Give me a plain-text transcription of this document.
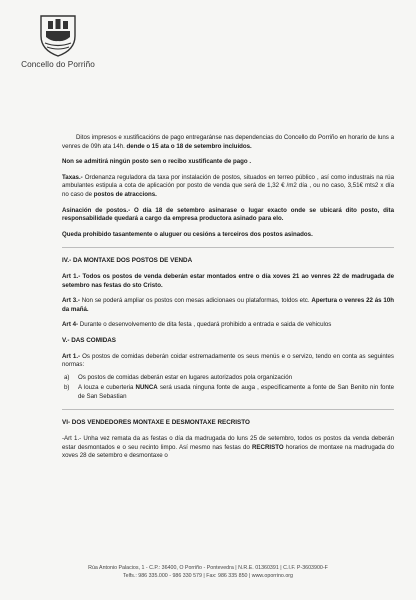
Concello do Porriño

Ditos impresos e xustificacións de pago entregaránse nas dependencias do Concello do Porriño en horario de luns a venres de 09h ata 14h. dende o 15 ata o 18 de setembro incluídos.

Non se admitirá ningún posto sen o recibo xustificante de pago .

Taxas.- Ordenanza reguladora da taxa por instalación de postos, situados en terreo público , así como industrais na rúa ambulantes estipula a cota de aplicación por posto de venda que será de 1,32 € /m2 día , ou no caso, 3,51€ mts2 x día no caso de postos de atraccions.

Asinación de postos.- O día 18 de setembro asinarase o lugar exacto onde se ubicará dito posto, dita responsabilidade quedará a cargo da empresa productora asinado para elo.

Queda prohibido tasantemente o aluguer ou cesións a terceiros dos postos asinados.

IV.- DA MONTAXE DOS POSTOS DE VENDA

Art 1.- Todos os postos de venda deberán estar montados entre o día xoves 21 ao venres 22 de madrugada de setembro nas festas do sto Cristo.

Art 3.- Non se poderá ampliar os postos con mesas adicionaes ou plataformas, toldos etc. Apertura o venres 22 ás 10h da mañá.

Art 4- Durante o desenvolvemento de dita festa , quedará prohibido a entrada e saida de vehiculos

V.- DAS COMIDAS

Art 1.- Os postos de comidas deberán coidar estremadamente os seus menús e o servizo, tendo en conta as seguintes normas:

a) Os postos de comidas deberán estar en lugares autorizados pola organización
b) A louza e cuberteria NUNCA será usada ninguna fonte de auga , especificamente a fonte de San Benito nin fonte de San Sebastian
VI- DOS VENDEDORES MONTAXE E DESMONTAXE RECRISTO

-Art 1.- Unha vez remata da as festas o día da madrugada do luns 25 de setembro, todos os postos da venda deberán estar desmontados e o seu recinto limpo. Así mesmo nas festas do RECRISTO horarios de montaxe na madrugada do xoves 28 de setembro e desmontaxe o

Rúa Antonio Palacios, 1 - C.P.: 36400, O Porriño - Pontevedra | N.R.E. 01360391 | C.I.F. P-3603900-F
Telfs.: 986 335.000 - 986 330 579 | Fax: 986 335 850 | www.oporrino.org
